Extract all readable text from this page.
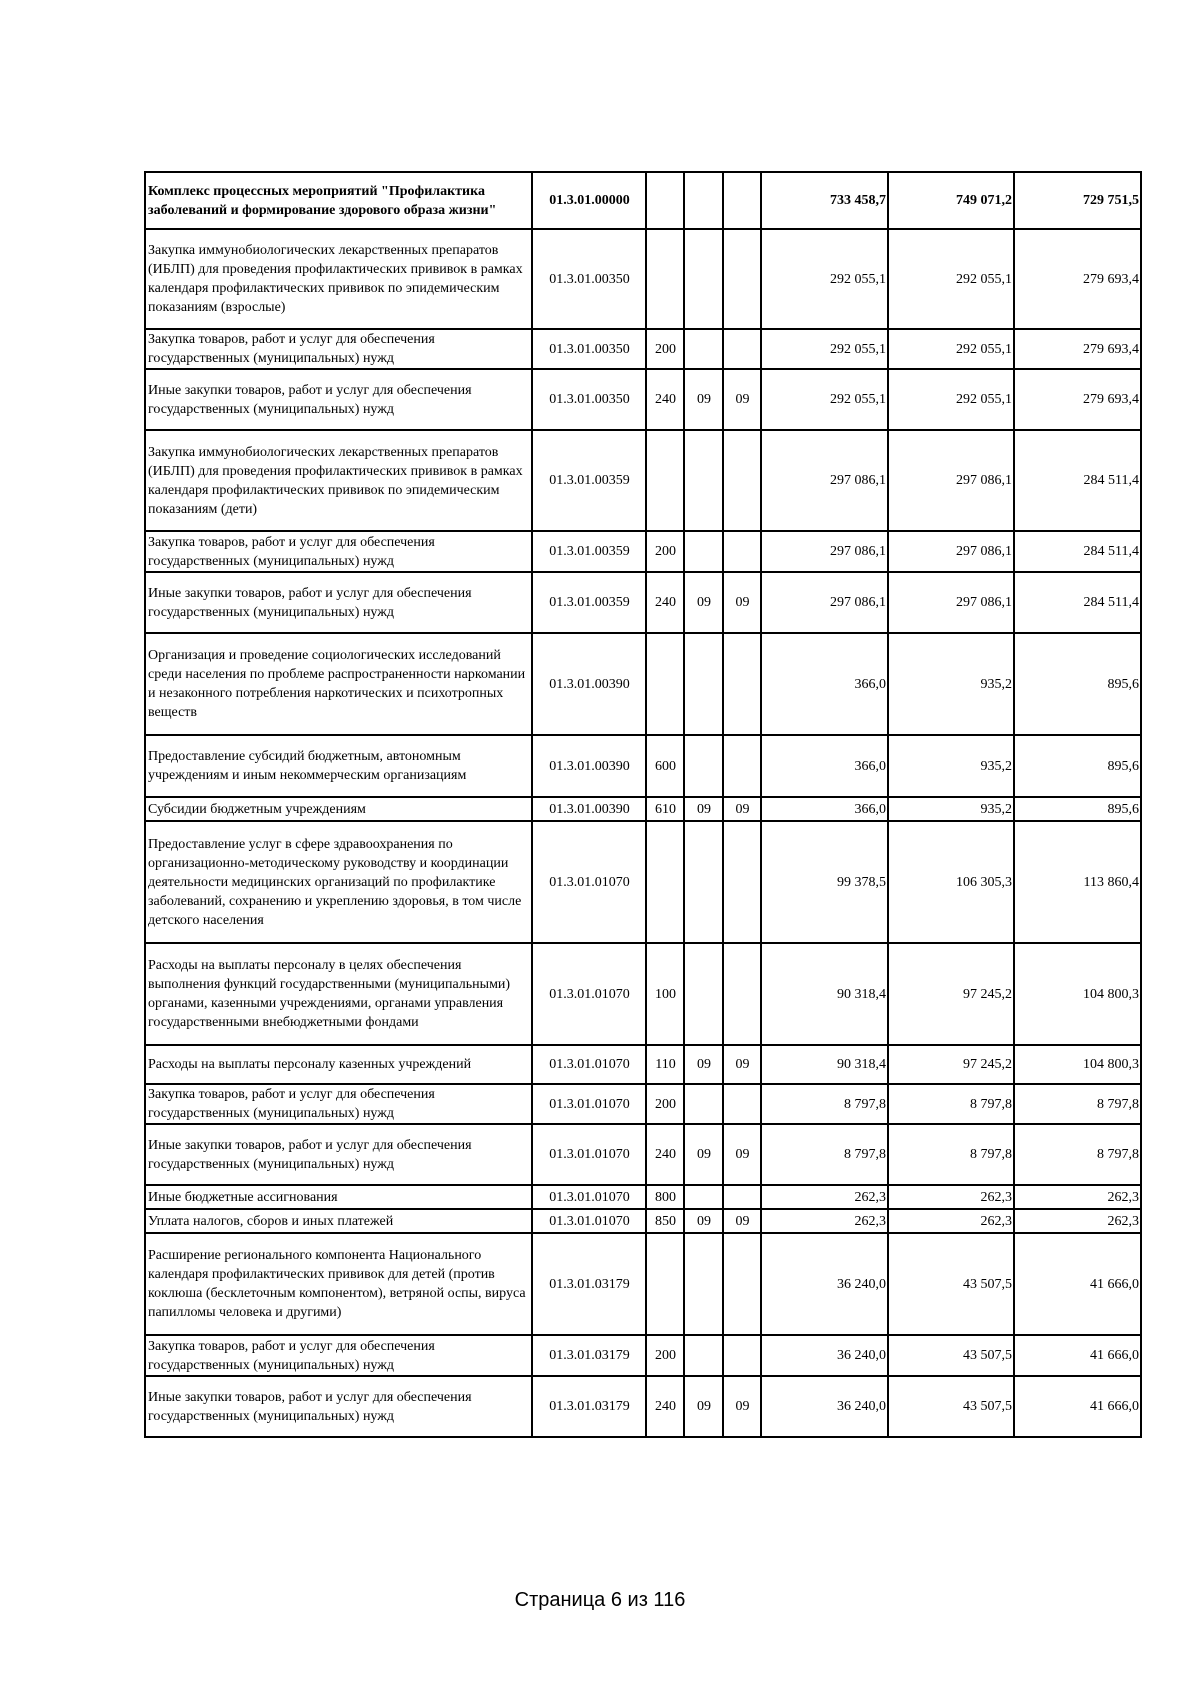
Комплекс процессных мероприятий "Профилактика заболеваний и формирование здорового образа жизни"	01.3.01.00000				733 458,7	749 071,2	729 751,5
Закупка иммунобиологических лекарственных препаратов (ИБЛП) для проведения профилактических прививок в рамках календаря профилактических прививок по эпидемическим показаниям (взрослые)	01.3.01.00350				292 055,1	292 055,1	279 693,4
Закупка товаров, работ и услуг для обеспечения государственных (муниципальных) нужд	01.3.01.00350	200			292 055,1	292 055,1	279 693,4
Иные закупки товаров, работ и услуг для обеспечения государственных (муниципальных) нужд	01.3.01.00350	240	09	09	292 055,1	292 055,1	279 693,4
Закупка иммунобиологических лекарственных препаратов (ИБЛП) для проведения профилактических прививок в рамках календаря профилактических прививок по эпидемическим показаниям (дети)	01.3.01.00359				297 086,1	297 086,1	284 511,4
Закупка товаров, работ и услуг для обеспечения государственных (муниципальных) нужд	01.3.01.00359	200			297 086,1	297 086,1	284 511,4
Иные закупки товаров, работ и услуг для обеспечения государственных (муниципальных) нужд	01.3.01.00359	240	09	09	297 086,1	297 086,1	284 511,4
Организация и проведение социологических исследований среди населения по проблеме распространенности наркомании и незаконного потребления наркотических и психотропных веществ	01.3.01.00390				366,0	935,2	895,6
Предоставление субсидий бюджетным, автономным учреждениям и иным некоммерческим организациям	01.3.01.00390	600			366,0	935,2	895,6
Субсидии бюджетным учреждениям	01.3.01.00390	610	09	09	366,0	935,2	895,6
Предоставление услуг в сфере здравоохранения по организационно-методическому руководству и координации деятельности медицинских организаций по профилактике заболеваний, сохранению и укреплению здоровья, в том числе детского населения	01.3.01.01070				99 378,5	106 305,3	113 860,4
Расходы на выплаты персоналу в целях обеспечения выполнения функций государственными (муниципальными) органами, казенными учреждениями, органами управления государственными внебюджетными фондами	01.3.01.01070	100			90 318,4	97 245,2	104 800,3
Расходы на выплаты персоналу казенных учреждений	01.3.01.01070	110	09	09	90 318,4	97 245,2	104 800,3
Закупка товаров, работ и услуг для обеспечения государственных (муниципальных) нужд	01.3.01.01070	200			8 797,8	8 797,8	8 797,8
Иные закупки товаров, работ и услуг для обеспечения государственных (муниципальных) нужд	01.3.01.01070	240	09	09	8 797,8	8 797,8	8 797,8
Иные бюджетные ассигнования	01.3.01.01070	800			262,3	262,3	262,3
Уплата налогов, сборов и иных платежей	01.3.01.01070	850	09	09	262,3	262,3	262,3
Расширение регионального компонента Национального календаря профилактических прививок для детей (против коклюша (бесклеточным компонентом), ветряной оспы, вируса папилломы человека и другими)	01.3.01.03179				36 240,0	43 507,5	41 666,0
Закупка товаров, работ и услуг для обеспечения государственных (муниципальных) нужд	01.3.01.03179	200			36 240,0	43 507,5	41 666,0
Иные закупки товаров, работ и услуг для обеспечения государственных (муниципальных) нужд	01.3.01.03179	240	09	09	36 240,0	43 507,5	41 666,0
Страница 6 из 116
